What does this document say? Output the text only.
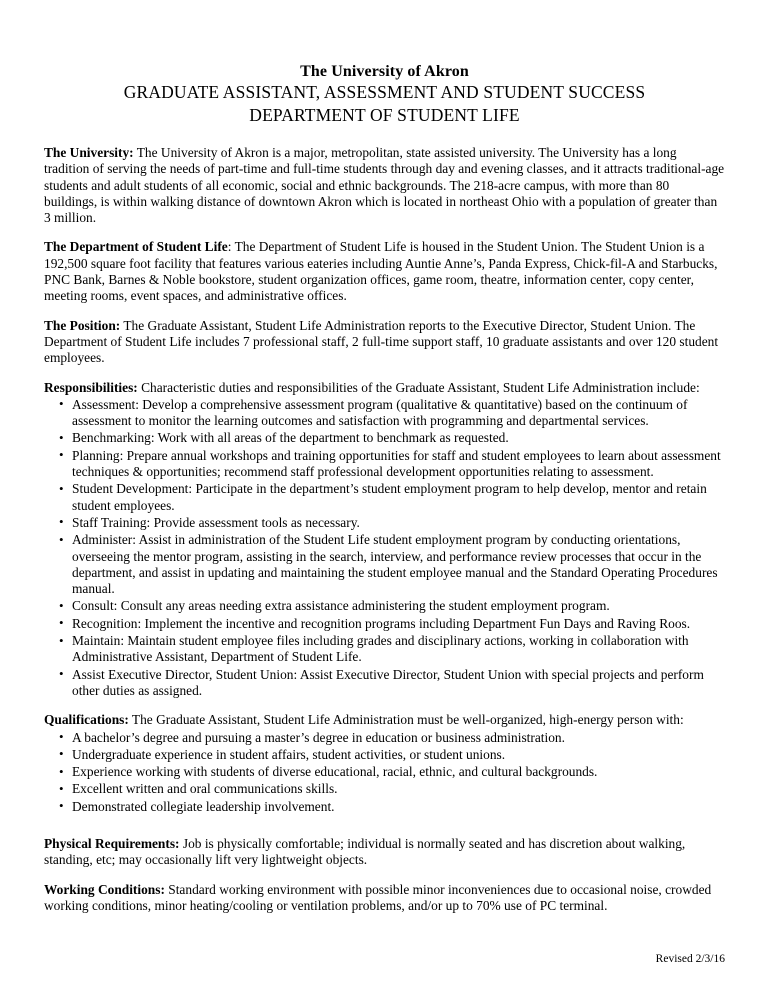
The University of Akron
GRADUATE ASSISTANT, ASSESSMENT AND STUDENT SUCCESS
DEPARTMENT OF STUDENT LIFE

The University: The University of Akron is a major, metropolitan, state assisted university. The University has a long tradition of serving the needs of part-time and full-time students through day and evening classes, and it attracts traditional-age students and adult students of all economic, social and ethnic backgrounds. The 218-acre campus, with more than 80 buildings, is within walking distance of downtown Akron which is located in northeast Ohio with a population of greater than 3 million.

The Department of Student Life: The Department of Student Life is housed in the Student Union. The Student Union is a 192,500 square foot facility that features various eateries including Auntie Anne’s, Panda Express, Chick-fil-A and Starbucks, PNC Bank, Barnes & Noble bookstore, student organization offices, game room, theatre, information center, copy center, meeting rooms, event spaces, and administrative offices.

The Position: The Graduate Assistant, Student Life Administration reports to the Executive Director, Student Union. The Department of Student Life includes 7 professional staff, 2 full-time support staff, 10 graduate assistants and over 120 student employees.

Responsibilities: Characteristic duties and responsibilities of the Graduate Assistant, Student Life Administration include:

• Assessment: Develop a comprehensive assessment program (qualitative & quantitative) based on the continuum of assessment to monitor the learning outcomes and satisfaction with programming and departmental services.
• Benchmarking: Work with all areas of the department to benchmark as requested.
• Planning: Prepare annual workshops and training opportunities for staff and student employees to learn about assessment techniques & opportunities; recommend staff professional development opportunities relating to assessment.
• Student Development: Participate in the department’s student employment program to help develop, mentor and retain student employees.
• Staff Training: Provide assessment tools as necessary.
• Administer: Assist in administration of the Student Life student employment program by conducting orientations, overseeing the mentor program, assisting in the search, interview, and performance review processes that occur in the department, and assist in updating and maintaining the student employee manual and the Standard Operating Procedures manual.
• Consult: Consult any areas needing extra assistance administering the student employment program.
• Recognition: Implement the incentive and recognition programs including Department Fun Days and Raving Roos.
• Maintain: Maintain student employee files including grades and disciplinary actions, working in collaboration with Administrative Assistant, Department of Student Life.
• Assist Executive Director, Student Union: Assist Executive Director, Student Union with special projects and perform other duties as assigned.

Qualifications: The Graduate Assistant, Student Life Administration must be well-organized, high-energy person with:

• A bachelor’s degree and pursuing a master’s degree in education or business administration.
• Undergraduate experience in student affairs, student activities, or student unions.
• Experience working with students of diverse educational, racial, ethnic, and cultural backgrounds.
• Excellent written and oral communications skills.
• Demonstrated collegiate leadership involvement.

Physical Requirements: Job is physically comfortable; individual is normally seated and has discretion about walking, standing, etc; may occasionally lift very lightweight objects.

Working Conditions: Standard working environment with possible minor inconveniences due to occasional noise, crowded working conditions, minor heating/cooling or ventilation problems, and/or up to 70% use of PC terminal.

Revised 2/3/16
